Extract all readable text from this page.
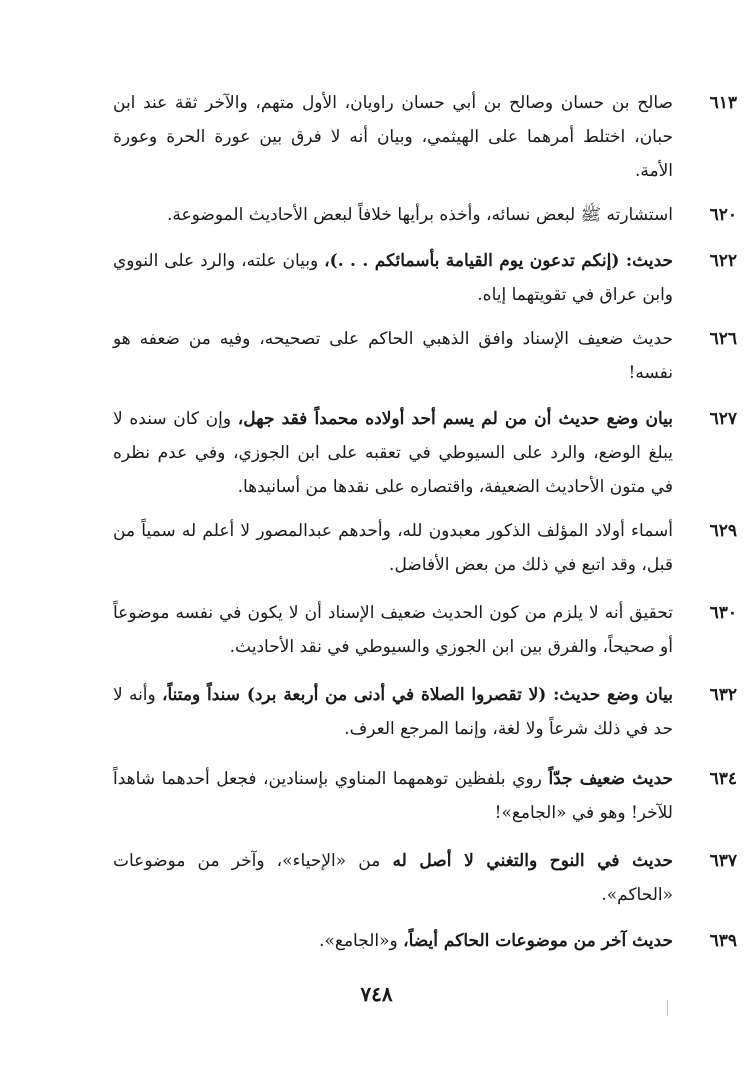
٦١٣
صالح بن حسان وصالح بن أبي حسان راويان، الأول متهم، والآخر ثقة عند ابن حبان، اختلط أمرهما على الهيثمي، وبيان أنه لا فرق بين عورة الحرة وعورة الأمة.
٦٢٠
استشارته ﷺ لبعض نسائه، وأخذه برأيها خلافاً لبعض الأحاديث الموضوعة.
٦٢٢
حديث: (إنكم تدعون يوم القيامة بأسمائكم . . .)، وبيان علته، والرد على النووي وابن عراق في تقويتهما إياه.
٦٢٦
حديث ضعيف الإسناد وافق الذهبي الحاكم على تصحيحه، وفيه من ضعفه هو نفسه!
٦٢٧
بيان وضع حديث أن من لم يسم أحد أولاده محمداً فقد جهل، وإن كان سنده لا يبلغ الوضع، والرد على السيوطي في تعقبه على ابن الجوزي، وفي عدم نظره في متون الأحاديث الضعيفة، واقتصاره على نقدها من أسانيدها.
٦٢٩
أسماء أولاد المؤلف الذكور معبدون لله، وأحدهم عبدالمصور لا أعلم له سمياً من قبل، وقد اتبع في ذلك من بعض الأفاضل.
٦٣٠
تحقيق أنه لا يلزم من كون الحديث ضعيف الإسناد أن لا يكون في نفسه موضوعاً أو صحيحاً، والفرق بين ابن الجوزي والسيوطي في نقد الأحاديث.
٦٣٢
بيان وضع حديث: (لا تقصروا الصلاة في أدنى من أربعة برد) سنداً ومتناً، وأنه لا حد في ذلك شرعاً ولا لغة، وإنما المرجع العرف.
٦٣٤
حديث ضعيف جدّاً روي بلفظين توهمهما المناوي بإسنادين، فجعل أحدهما شاهداً للآخر! وهو في «الجامع»!
٦٣٧
حديث في النوح والتغني لا أصل له من «الإحياء»، وآخر من موضوعات «الحاكم».
٦٣٩
حديث آخر من موضوعات الحاكم أيضاً، و«الجامع».
٧٤٨
